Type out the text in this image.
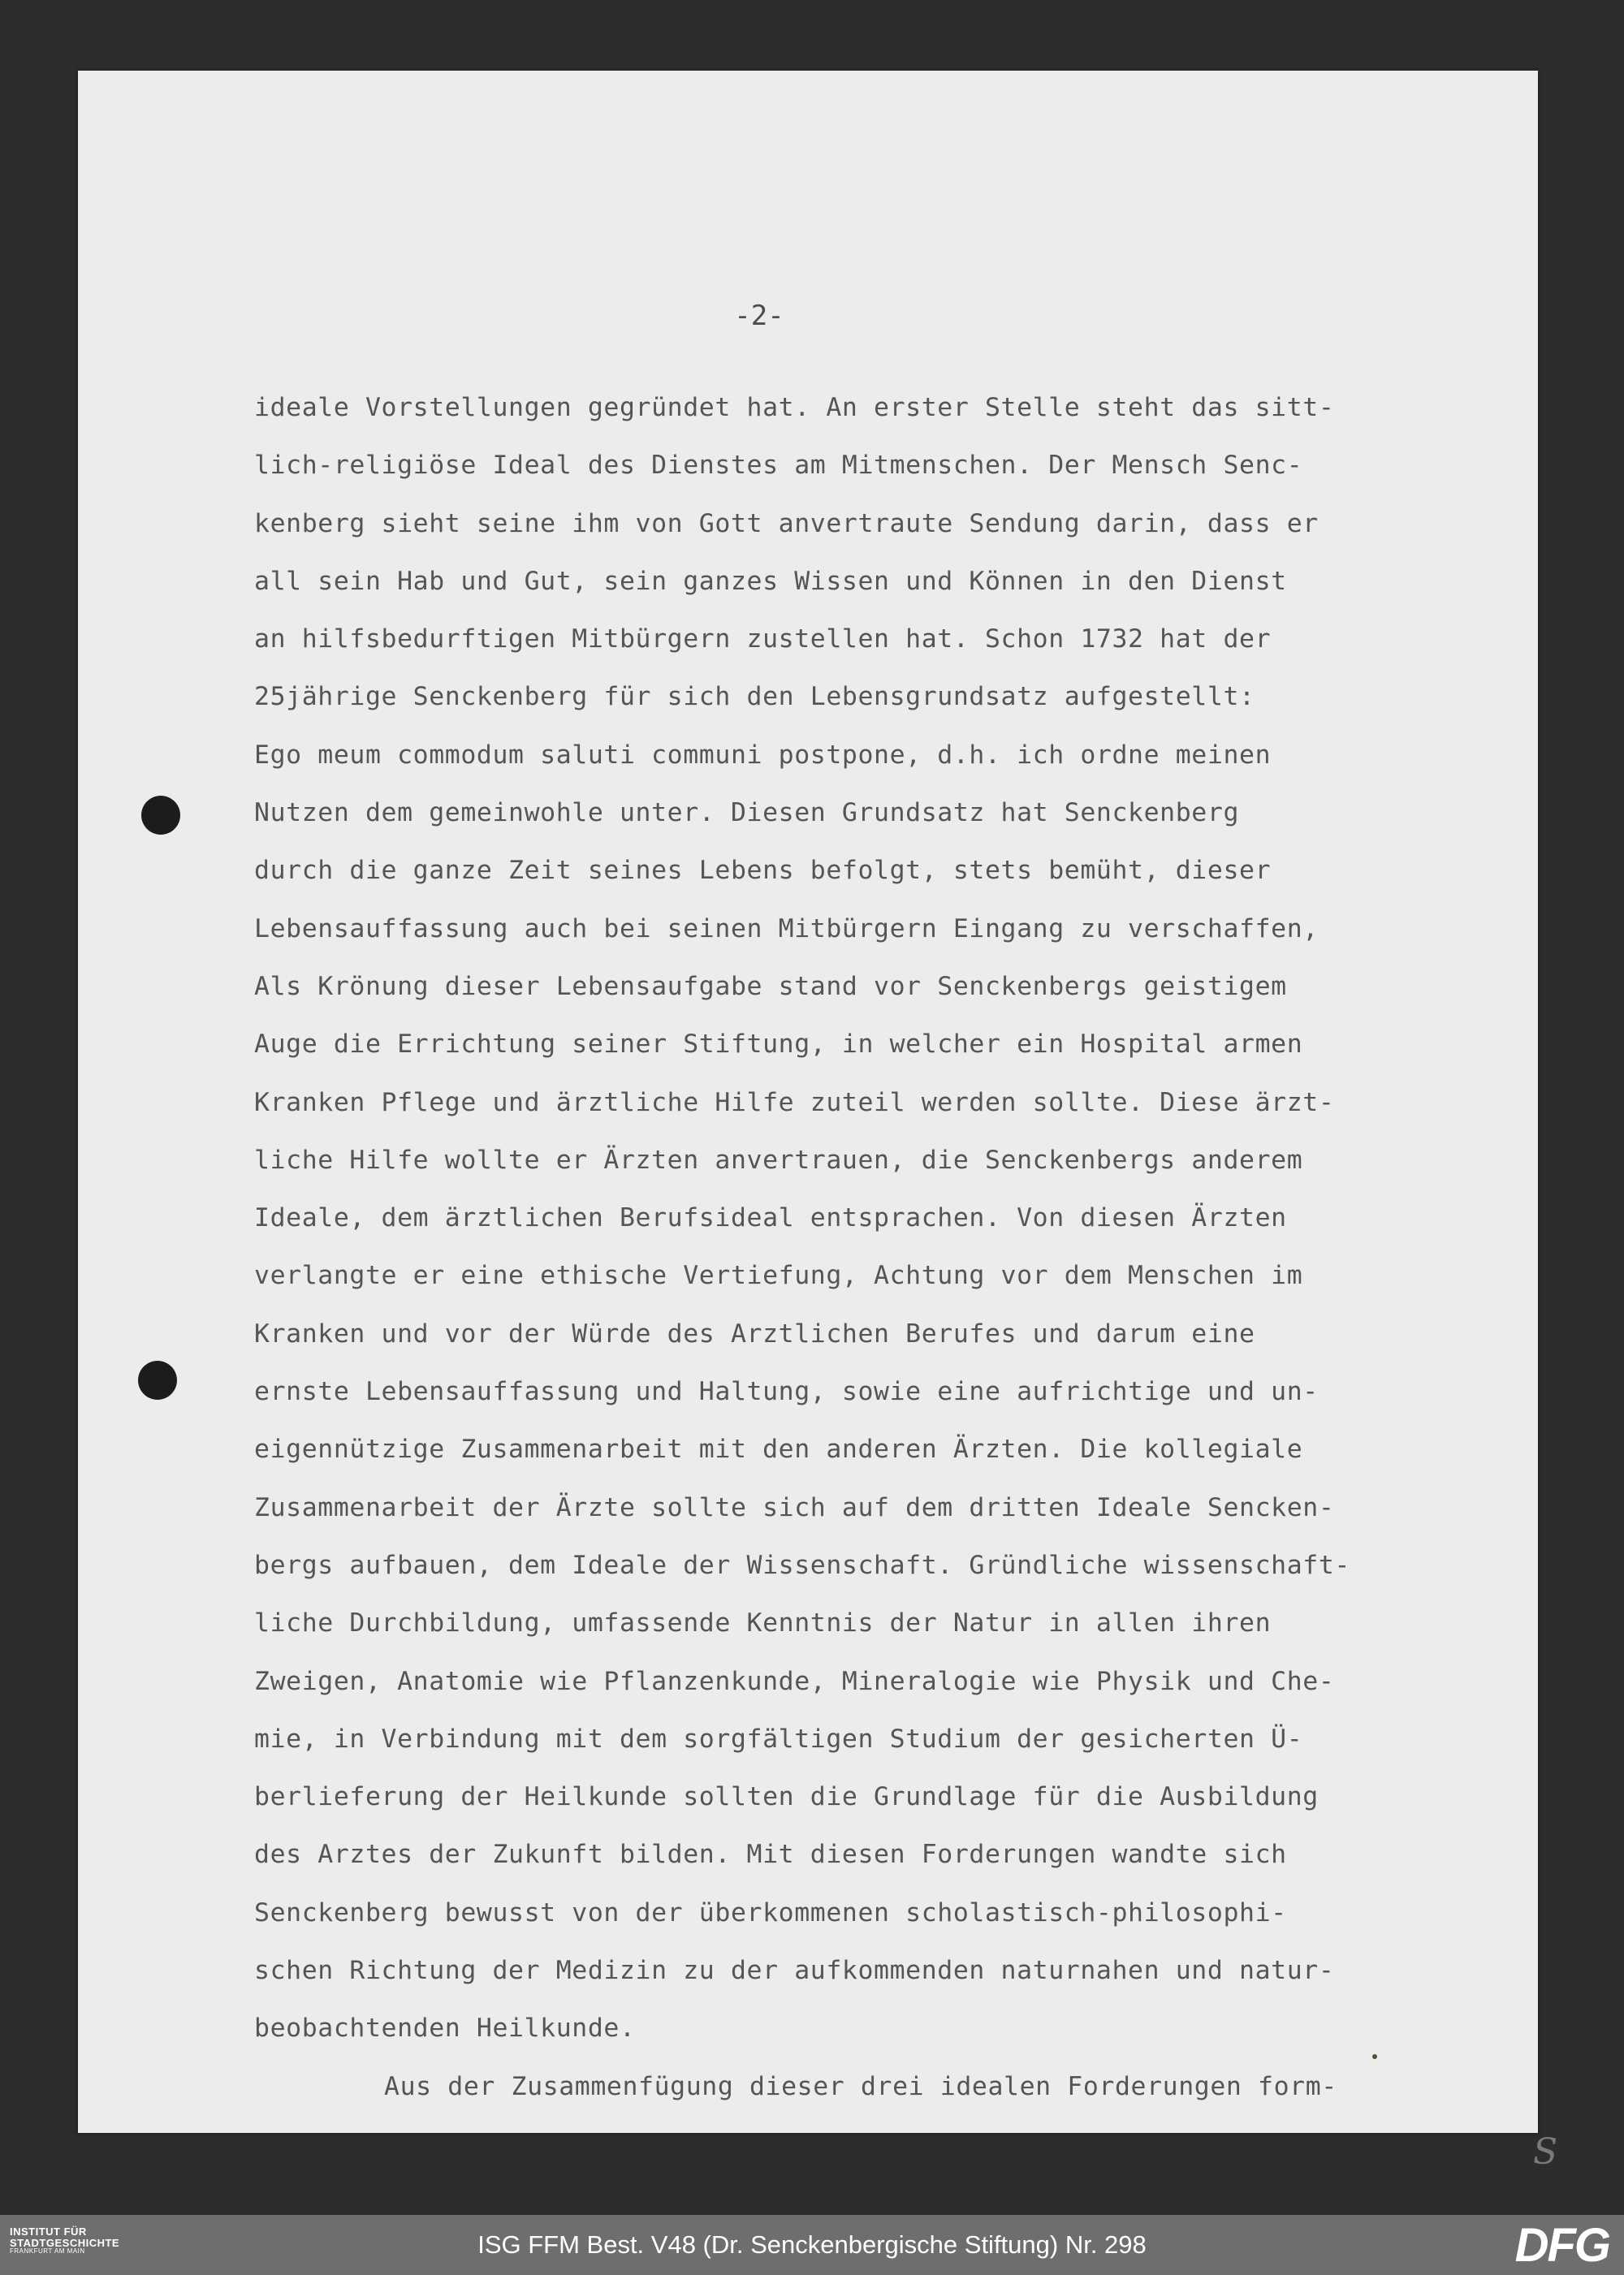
-2-
ideale Vorstellungen gegründet hat. An erster Stelle steht das sitt-
lich-religiöse Ideal des Dienstes am Mitmenschen. Der Mensch Senc-
kenberg sieht seine ihm von Gott anvertraute Sendung darin, dass er
all sein Hab und Gut, sein ganzes Wissen und Können in den Dienst
an hilfsbedurftigen Mitbürgern zustellen hat. Schon 1732 hat der
25jährige Senckenberg für sich den Lebensgrundsatz aufgestellt:
Ego meum commodum saluti communi postpone, d.h. ich ordne meinen
Nutzen dem gemeinwohle unter. Diesen Grundsatz hat Senckenberg
durch die ganze Zeit seines Lebens befolgt, stets bemüht, dieser
Lebensauffassung auch bei seinen Mitbürgern Eingang zu verschaffen,
Als Krönung dieser Lebensaufgabe stand vor Senckenbergs geistigem
Auge die Errichtung seiner Stiftung, in welcher ein Hospital armen
Kranken Pflege und ärztliche Hilfe zuteil werden sollte. Diese ärzt-
liche Hilfe wollte er Ärzten anvertrauen, die Senckenbergs anderem
Ideale, dem ärztlichen Berufsideal entsprachen. Von diesen Ärzten
verlangte er eine ethische Vertiefung, Achtung vor dem Menschen im
Kranken und vor der Würde des Arztlichen Berufes und darum eine
ernste Lebensauffassung und Haltung, sowie eine aufrichtige und un-
eigennützige Zusammenarbeit mit den anderen Ärzten. Die kollegiale
Zusammenarbeit der Ärzte sollte sich auf dem dritten Ideale Sencken-
bergs aufbauen, dem Ideale der Wissenschaft. Gründliche wissenschaft-
liche Durchbildung, umfassende Kenntnis der Natur in allen ihren
Zweigen, Anatomie wie Pflanzenkunde, Mineralogie wie Physik und Che-
mie, in Verbindung mit dem sorgfältigen Studium der gesicherten Ü-
berlieferung der Heilkunde sollten die Grundlage für die Ausbildung
des Arztes der Zukunft bilden. Mit diesen Forderungen wandte sich
Senckenberg bewusst von der überkommenen scholastisch-philosophi-
schen Richtung der Medizin zu der aufkommenden naturnahen und natur-
beobachtenden Heilkunde.
Aus der Zusammenfügung dieser drei idealen Forderungen form-
S
INSTITUT FÜR
STADTGESCHICHTE
FRANKFURT AM MAIN	ISG FFM Best. V48 (Dr. Senckenbergische Stiftung) Nr. 298	DFG
